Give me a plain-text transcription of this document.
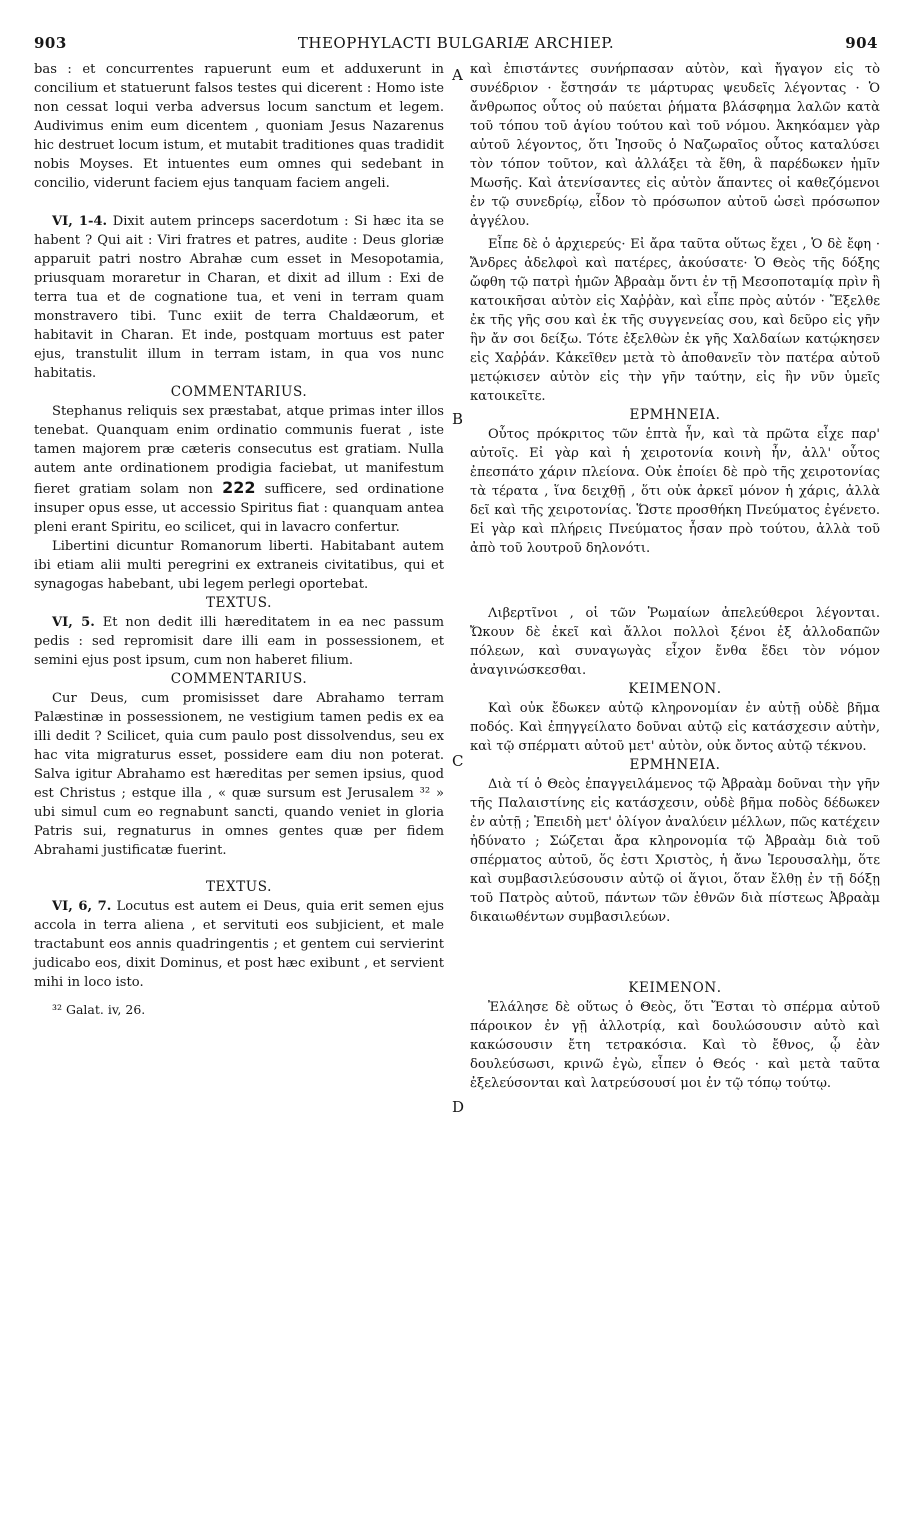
903	THEOPHYLACTI BULGARIÆ ARCHIEP.	904
A
B
C
D

bas : et concurrentes rapuerunt eum et adduxerunt in concilium et statuerunt falsos testes qui dicerent : Homo iste non cessat loqui verba adversus locum sanctum et legem. Audivimus enim eum dicentem , quoniam Jesus Nazarenus hic destruet locum istum, et mutabit traditiones quas tradidit nobis Moyses. Et intuentes eum omnes qui sedebant in concilio, viderunt faciem ejus tanquam faciem angeli.

VI, 1-4. Dixit autem princeps sacerdotum : Si hæc ita se habent ? Qui ait : Viri fratres et patres, audite : Deus gloriæ apparuit patri nostro Abrahæ cum esset in Mesopotamia, priusquam moraretur in Charan, et dixit ad illum : Exi de terra tua et de cognatione tua, et veni in terram quam monstravero tibi. Tunc exiit de terra Chaldæorum, et habitavit in Charan. Et inde, postquam mortuus est pater ejus, transtulit illum in terram istam, in qua vos nunc habitatis.

COMMENTARIUS.

Stephanus reliquis sex præstabat, atque primas inter illos tenebat. Quanquam enim ordinatio communis fuerat , iste tamen majorem præ cæteris consecutus est gratiam. Nulla autem ante ordinationem prodigia faciebat, ut manifestum fieret gratiam solam non 222 sufficere, sed ordinatione insuper opus esse, ut accessio Spiritus fiat : quanquam antea pleni erant Spiritu, eo scilicet, qui in lavacro confertur.

Libertini dicuntur Romanorum liberti. Habitabant autem ibi etiam alii multi peregrini ex extraneis civitatibus, qui et synagogas habebant, ubi legem perlegi oportebat.

TEXTUS.

VI, 5. Et non dedit illi hæreditatem in ea nec passum pedis : sed repromisit dare illi eam in possessionem, et semini ejus post ipsum, cum non haberet filium.

COMMENTARIUS.

Cur Deus, cum promisisset dare Abrahamo terram Palæstinæ in possessionem, ne vestigium tamen pedis ex ea illi dedit ? Scilicet, quia cum paulo post dissolvendus, seu ex hac vita migraturus esset, possidere eam diu non poterat. Salva igitur Abrahamo est hæreditas per semen ipsius, quod est Christus ; estque illa , « quæ sursum est Jerusalem ³² » ubi simul cum eo regnabunt sancti, quando veniet in gloria Patris sui, regnaturus in omnes gentes quæ per fidem Abrahami justificatæ fuerint.

TEXTUS.

VI, 6, 7. Locutus est autem ei Deus, quia erit semen ejus accola in terra aliena , et servituti eos subjicient, et male tractabunt eos annis quadringentis ; et gentem cui servierint judicabo eos, dixit Dominus, et post hæc exibunt , et servient mihi in loco isto.

³² Galat. iv, 26.

καὶ ἐπιστάντες συνήρπασαν αὐτὸν, καὶ ἤγαγον εἰς τὸ συνέδριον · ἔστησάν τε μάρτυρας ψευδεῖς λέγοντας · Ὁ ἄνθρωπος οὗτος οὐ παύεται ῥήματα βλάσφημα λαλῶν κατὰ τοῦ τόπου τοῦ ἁγίου τούτου καὶ τοῦ νόμου. Ἀκηκόαμεν γὰρ αὐτοῦ λέγοντος, ὅτι Ἰησοῦς ὁ Ναζωραῖος οὗτος καταλύσει τὸν τόπον τοῦτον, καὶ ἀλλάξει τὰ ἔθη, ἃ παρέδωκεν ἡμῖν Μωσῆς. Καὶ ἀτενίσαντες εἰς αὐτὸν ἅπαντες οἱ καθεζόμενοι ἐν τῷ συνεδρίῳ, εἶδον τὸ πρόσωπον αὐτοῦ ὡσεὶ πρόσωπον ἀγγέλου.

Εἶπε δὲ ὁ ἀρχιερεύς· Εἰ ἄρα ταῦτα οὕτως ἔχει , Ὁ δὲ ἔφη · Ἄνδρες ἀδελφοὶ καὶ πατέρες, ἀκούσατε· Ὁ Θεὸς τῆς δόξης ὤφθη τῷ πατρὶ ἡμῶν Ἀβραὰμ ὄντι ἐν τῇ Μεσοποταμίᾳ πρὶν ἢ κατοικῆσαι αὐτὸν εἰς Χαῤῥὰν, καὶ εἶπε πρὸς αὐτόν · Ἔξελθε ἐκ τῆς γῆς σου καὶ ἐκ τῆς συγγενείας σου, καὶ δεῦρο εἰς γῆν ἣν ἄν σοι δείξω. Τότε ἐξελθὼν ἐκ γῆς Χαλδαίων κατῴκησεν εἰς Χαῤῥάν. Κἀκεῖθεν μετὰ τὸ ἀποθανεῖν τὸν πατέρα αὐτοῦ μετῴκισεν αὐτὸν εἰς τὴν γῆν ταύτην, εἰς ἣν νῦν ὑμεῖς κατοικεῖτε.

ΕΡΜΗΝΕΙΑ.

Οὗτος πρόκριτος τῶν ἑπτὰ ἦν, καὶ τὰ πρῶτα εἶχε παρ' αὐτοῖς. Εἰ γὰρ καὶ ἡ χειροτονία κοινὴ ἦν, ἀλλ' οὗτος ἐπεσπάτο χάριν πλείονα. Οὐκ ἐποίει δὲ πρὸ τῆς χειροτονίας τὰ τέρατα , ἵνα δειχθῇ , ὅτι οὐκ ἀρκεῖ μόνον ἡ χάρις, ἀλλὰ δεῖ καὶ τῆς χειροτονίας. Ὥστε προσθήκη Πνεύματος ἐγένετο. Εἰ γὰρ καὶ πλήρεις Πνεύματος ἦσαν πρὸ τούτου, ἀλλὰ τοῦ ἀπὸ τοῦ λουτροῦ δηλονότι.

Λιβερτῖνοι , οἱ τῶν Ῥωμαίων ἀπελεύθεροι λέγονται. Ὤκουν δὲ ἐκεῖ καὶ ἄλλοι πολλοὶ ξένοι ἐξ ἀλλοδαπῶν πόλεων, καὶ συναγωγὰς εἶχον ἔνθα ἔδει τὸν νόμον ἀναγινώσκεσθαι.

ΚΕΙΜΕΝΟΝ.

Καὶ οὐκ ἔδωκεν αὐτῷ κληρονομίαν ἐν αὐτῇ οὐδὲ βῆμα ποδός. Καὶ ἐπηγγείλατο δοῦναι αὐτῷ εἰς κατάσχεσιν αὐτὴν, καὶ τῷ σπέρματι αὐτοῦ μετ' αὐτὸν, οὐκ ὄντος αὐτῷ τέκνου.

ΕΡΜΗΝΕΙΑ.

Διὰ τί ὁ Θεὸς ἐπαγγειλάμενος τῷ Ἀβραὰμ δοῦναι τὴν γῆν τῆς Παλαιστίνης εἰς κατάσχεσιν, οὐδὲ βῆμα ποδὸς δέδωκεν ἐν αὐτῇ ; Ἐπειδὴ μετ' ὀλίγον ἀναλύειν μέλλων, πῶς κατέχειν ἠδύνατο ; Σώζεται ἄρα κληρονομία τῷ Ἀβραὰμ διὰ τοῦ σπέρματος αὐτοῦ, ὅς ἐστι Χριστὸς, ἡ ἄνω Ἱερουσαλὴμ, ὅτε καὶ συμβασιλεύσουσιν αὐτῷ οἱ ἅγιοι, ὅταν ἔλθῃ ἐν τῇ δόξῃ τοῦ Πατρὸς αὐτοῦ, πάντων τῶν ἐθνῶν διὰ πίστεως Ἀβραὰμ δικαιωθέντων συμβασιλεύων.

ΚΕΙΜΕΝΟΝ.

Ἐλάλησε δὲ οὕτως ὁ Θεὸς, ὅτι Ἔσται τὸ σπέρμα αὐτοῦ πάροικον ἐν γῇ ἀλλοτρίᾳ, καὶ δουλώσουσιν αὐτὸ καὶ κακώσουσιν ἔτη τετρακόσια. Καὶ τὸ ἔθνος, ᾧ ἐὰν δουλεύσωσι, κρινῶ ἐγὼ, εἶπεν ὁ Θεός · καὶ μετὰ ταῦτα ἐξελεύσονται καὶ λατρεύσουσί μοι ἐν τῷ τόπῳ τούτῳ.
